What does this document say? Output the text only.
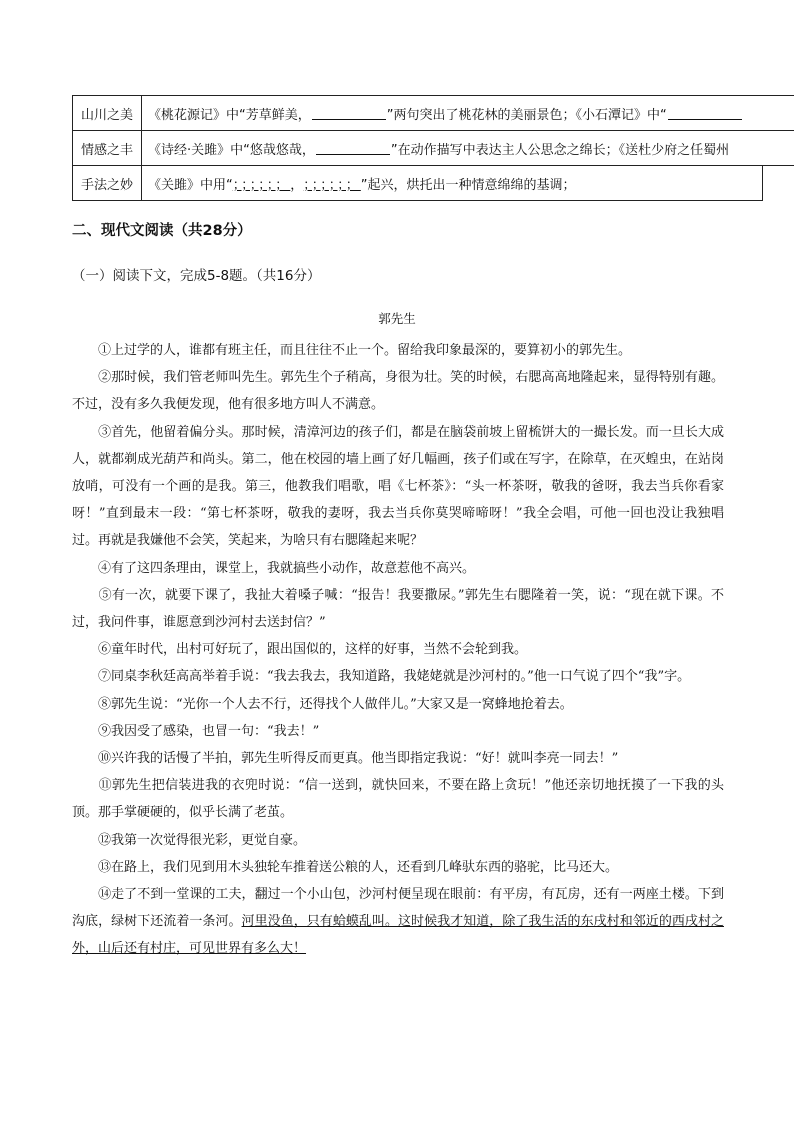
山川之美	《桃花源记》中“芳草鲜美，	”两句突出了桃花林的美丽景色；《小石潭记》中“
情感之丰	《诗经·关雎》中“悠哉悠哉，	”在动作描写中表达主人公思念之绵长；《送杜少府之任蜀州
手法之妙	《关雎》中用“ ；；；；；； ， ；；；；；； ”起兴，烘托出一种情意绵绵的基调；
二、现代文阅读（共28分）
（一）阅读下文，完成5-8题。（共16分）
郭先生

　　①上过学的人，谁都有班主任，而且往往不止一个。留给我印象最深的，要算初小的郭先生。

　　②那时候，我们管老师叫先生。郭先生个子稍高，身很为壮。笑的时候，右腮高高地隆起来，显得特别有趣。不过，没有多久我便发现，他有很多地方叫人不满意。

　　③首先，他留着偏分头。那时候，清漳河边的孩子们，都是在脑袋前坡上留梳饼大的一撮长发。而一旦长大成人，就都剃成光葫芦和尚头。第二，他在校园的墙上画了好几幅画，孩子们或在写字，在除草，在灭蝗虫，在站岗放哨，可没有一个画的是我。第三，他教我们唱歌，唱《七杯茶》：“头一杯茶呀，敬我的爸呀，我去当兵你看家呀！”直到最末一段：“第七杯茶呀，敬我的妻呀，我去当兵你莫哭啼啼呀！”我全会唱，可他一回也没让我独唱过。再就是我嫌他不会笑，笑起来，为啥只有右腮隆起来呢？

　　④有了这四条理由，课堂上，我就搞些小动作，故意惹他不高兴。

　　⑤有一次，就要下课了，我扯大着嗓子喊：“报告！我要撒尿。”郭先生右腮隆着一笑，说：“现在就下课。不过，我问件事，谁愿意到沙河村去送封信？”

　　⑥童年时代，出村可好玩了，跟出国似的，这样的好事，当然不会轮到我。

　　⑦同桌李秋廷高高举着手说：“我去我去，我知道路，我姥姥就是沙河村的。”他一口气说了四个“我”字。

　　⑧郭先生说：“光你一个人去不行，还得找个人做伴儿。”大家又是一窝蜂地抢着去。

　　⑨我因受了感染，也冒一句：“我去！”

　　⑩兴许我的话慢了半拍，郭先生听得反而更真。他当即指定我说：“好！就叫李亮一同去！”

　　⑪郭先生把信装进我的衣兜时说：“信一送到，就快回来，不要在路上贪玩！”他还亲切地抚摸了一下我的头顶。那手掌硬硬的，似乎长满了老茧。

　　⑫我第一次觉得很光彩，更觉自豪。

　　⑬在路上，我们见到用木头独轮车推着送公粮的人，还看到几峰驮东西的骆驼，比马还大。

　　⑭走了不到一堂课的工夫，翻过一个小山包，沙河村便呈现在眼前：有平房，有瓦房，还有一两座土楼。下到沟底，绿树下还流着一条河。河里没鱼，只有蛤蟆乱叫。这时候我才知道，除了我生活的东戌村和邻近的西戌村之外，山后还有村庄，可见世界有多么大！
